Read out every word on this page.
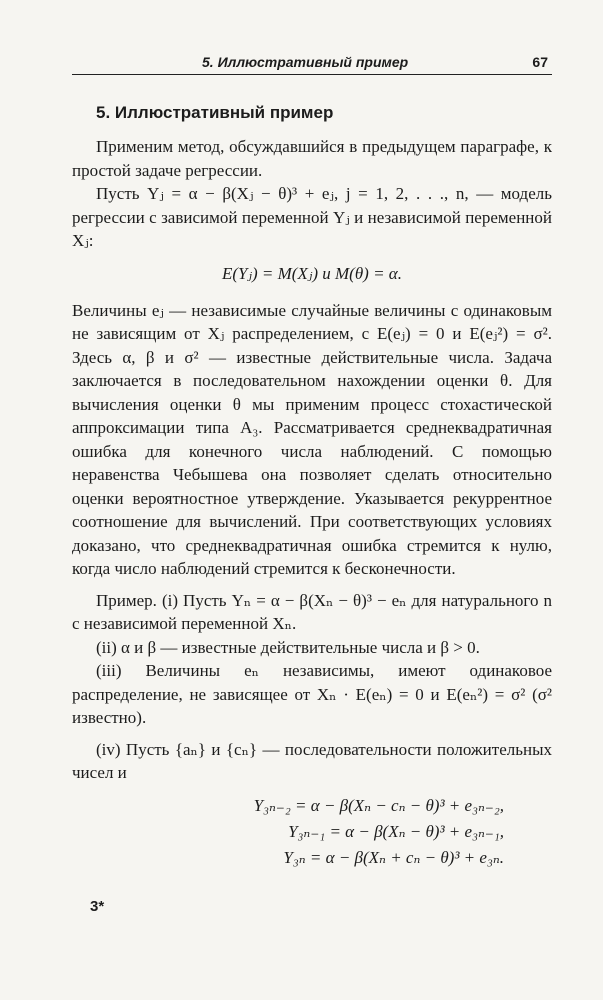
5. Иллюстративный пример	67
5. Иллюстративный пример

Применим метод, обсуждавшийся в предыдущем параграфе, к простой задаче регрессии.

Пусть Yⱼ = α − β(Xⱼ − θ)³ + eⱼ, j = 1, 2, . . ., n, — модель регрессии с зависимой переменной Yⱼ и независимой переменной Xⱼ:

E(Yⱼ) = M(Xⱼ) и M(θ) = α.

Величины eⱼ — независимые случайные величины с одинаковым не зависящим от Xⱼ распределением, с E(eⱼ) = 0 и E(eⱼ²) = σ². Здесь α, β и σ² — известные действительные числа. Задача заключается в последовательном нахождении оценки θ. Для вычисления оценки θ мы применим процесс стохастической аппроксимации типа A₃. Рассматривается среднеквадратичная ошибка для конечного числа наблюдений. С помощью неравенства Чебышева она позволяет сделать относительно оценки вероятностное утверждение. Указывается рекуррентное соотношение для вычислений. При соответствующих условиях доказано, что среднеквадратичная ошибка стремится к нулю, когда число наблюдений стремится к бесконечности.

Пример. (i) Пусть Yₙ = α − β(Xₙ − θ)³ − eₙ для натурального n с независимой переменной Xₙ.

(ii) α и β — известные действительные числа и β > 0.

(iii) Величины eₙ независимы, имеют одинаковое распределение, не зависящее от Xₙ · E(eₙ) = 0 и E(eₙ²) = σ² (σ² известно).

(iv) Пусть {aₙ} и {cₙ} — последовательности положительных чисел и

Y₃ₙ₋₂ = α − β(Xₙ − cₙ − θ)³ + e₃ₙ₋₂,
Y₃ₙ₋₁ = α − β(Xₙ − θ)³ + e₃ₙ₋₁,
Y₃ₙ = α − β(Xₙ + cₙ − θ)³ + e₃ₙ.
3*
